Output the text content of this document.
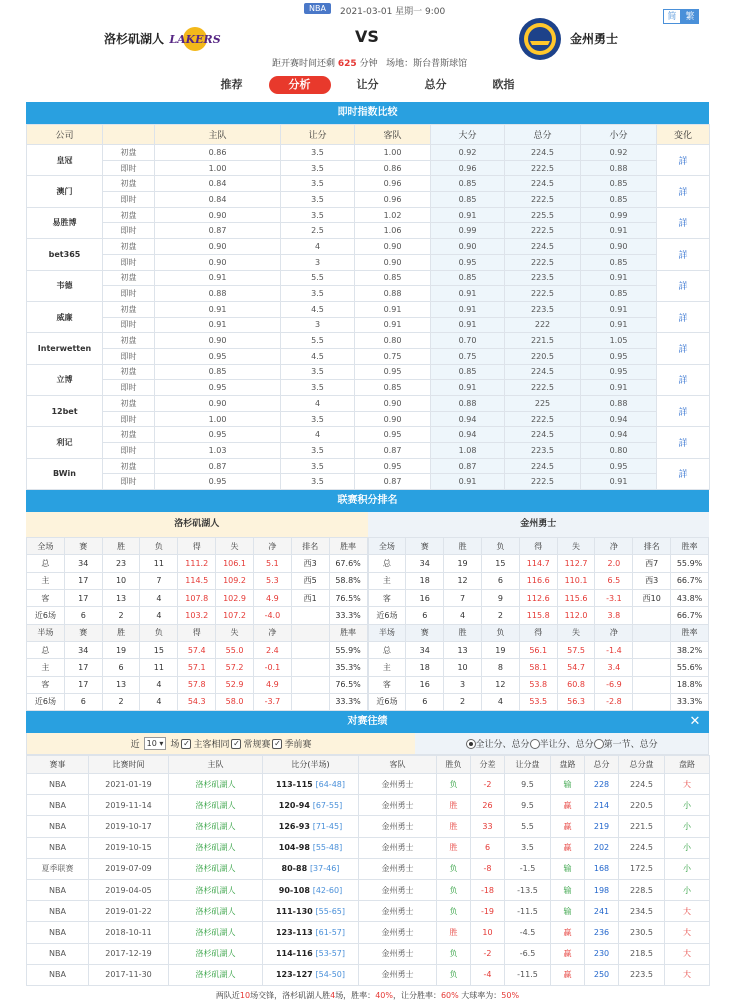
NBA	2021-03-01 星期一 9:00	简 繁
洛杉矶湖人 LAKERS	VS	金州勇士
距开赛时间还剩 625 分钟 场地：斯台普斯球馆
推荐	分析	让分	总分	欧指
即时指数比较
公司		主队	让分	客队	大分	总分	小分	变化
皇冠	初盘	0.86	3.5	1.00	0.92	224.5	0.92	詳
	即时	1.00	3.5	0.86	0.96	222.5	0.88	
澳门	初盘	0.84	3.5	0.96	0.85	224.5	0.85	詳
	即时	0.84	3.5	0.96	0.85	222.5	0.85	
易胜博	初盘	0.90	3.5	1.02	0.91	225.5	0.99	詳
	即时	0.87	2.5	1.06	0.99	222.5	0.91	
bet365	初盘	0.90	4	0.90	0.90	224.5	0.90	詳
	即时	0.90	3	0.90	0.95	222.5	0.85	
韦德	初盘	0.91	5.5	0.85	0.85	223.5	0.91	詳
	即时	0.88	3.5	0.88	0.91	222.5	0.85	
威廉	初盘	0.91	4.5	0.91	0.91	223.5	0.91	詳
	即时	0.91	3	0.91	0.91	222	0.91	
Interwetten	初盘	0.90	5.5	0.80	0.70	221.5	1.05	詳
	即时	0.95	4.5	0.75	0.75	220.5	0.95	
立博	初盘	0.85	3.5	0.95	0.85	224.5	0.95	詳
	即时	0.95	3.5	0.85	0.91	222.5	0.91	
12bet	初盘	0.90	4	0.90	0.88	225	0.88	詳
	即时	1.00	3.5	0.90	0.94	222.5	0.94	
利记	初盘	0.95	4	0.95	0.94	224.5	0.94	詳
	即时	1.03	3.5	0.87	1.08	223.5	0.80	
BWin	初盘	0.87	3.5	0.95	0.87	224.5	0.95	詳
	即时	0.95	3.5	0.87	0.91	222.5	0.91	
联赛积分排名
洛杉矶湖人
全场	赛	胜	负	得	失	净	排名	胜率
总	34	23	11	111.2	106.1	5.1	西3	67.6%
主	17	10	7	114.5	109.2	5.3	西5	58.8%
客	17	13	4	107.8	102.9	4.9	西1	76.5%
近6场	6	2	4	103.2	107.2	-4.0		33.3%
半场	赛	胜	负	得	失	净		胜率
总	34	19	15	57.4	55.0	2.4		55.9%
主	17	6	11	57.1	57.2	-0.1		35.3%
客	17	13	4	57.8	52.9	4.9		76.5%
近6场	6	2	4	54.3	58.0	-3.7		33.3%
金州勇士
全场	赛	胜	负	得	失	净	排名	胜率
总	34	19	15	114.7	112.7	2.0	西7	55.9%
主	18	12	6	116.6	110.1	6.5	西3	66.7%
客	16	7	9	112.6	115.6	-3.1	西10	43.8%
近6场	6	4	2	115.8	112.0	3.8		66.7%
半场	赛	胜	负	得	失	净		胜率
总	34	13	19	56.1	57.5	-1.4		38.2%
主	18	10	8	58.1	54.7	3.4		55.6%
客	16	3	12	53.8	60.8	-6.9		18.8%
近6场	6	2	4	53.5	56.3	-2.8		33.3%
对赛往绩	✕
近 10 ▾ 场 ✓ 主客相同 ✓ 常规赛 ✓ 季前赛	全让分、总分 半让分、总分 第一节、总分
赛事	比赛时间	主队	比分(半场)	客队	胜负	分差	让分盘	盘路	总分	总分盘	盘路
NBA	2021-01-19	洛杉矶湖人	113-115 [64-48]	金州勇士	负	-2	9.5	输	228	224.5	大
NBA	2019-11-14	洛杉矶湖人	120-94 [67-55]	金州勇士	胜	26	9.5	赢	214	220.5	小
NBA	2019-10-17	洛杉矶湖人	126-93 [71-45]	金州勇士	胜	33	5.5	赢	219	221.5	小
NBA	2019-10-15	洛杉矶湖人	104-98 [55-48]	金州勇士	胜	6	3.5	赢	202	224.5	小
夏季联赛	2019-07-09	洛杉矶湖人	80-88 [37-46]	金州勇士	负	-8	-1.5	输	168	172.5	小
NBA	2019-04-05	洛杉矶湖人	90-108 [42-60]	金州勇士	负	-18	-13.5	输	198	228.5	小
NBA	2019-01-22	洛杉矶湖人	111-130 [55-65]	金州勇士	负	-19	-11.5	输	241	234.5	大
NBA	2018-10-11	洛杉矶湖人	123-113 [61-57]	金州勇士	胜	10	-4.5	赢	236	230.5	大
NBA	2017-12-19	洛杉矶湖人	114-116 [53-57]	金州勇士	负	-2	-6.5	赢	230	218.5	大
NBA	2017-11-30	洛杉矶湖人	123-127 [54-50]	金州勇士	负	-4	-11.5	赢	250	223.5	大
两队近10场交锋，洛杉矶湖人胜4场，胜率：40%，让分胜率：60% 大球率为：50%
